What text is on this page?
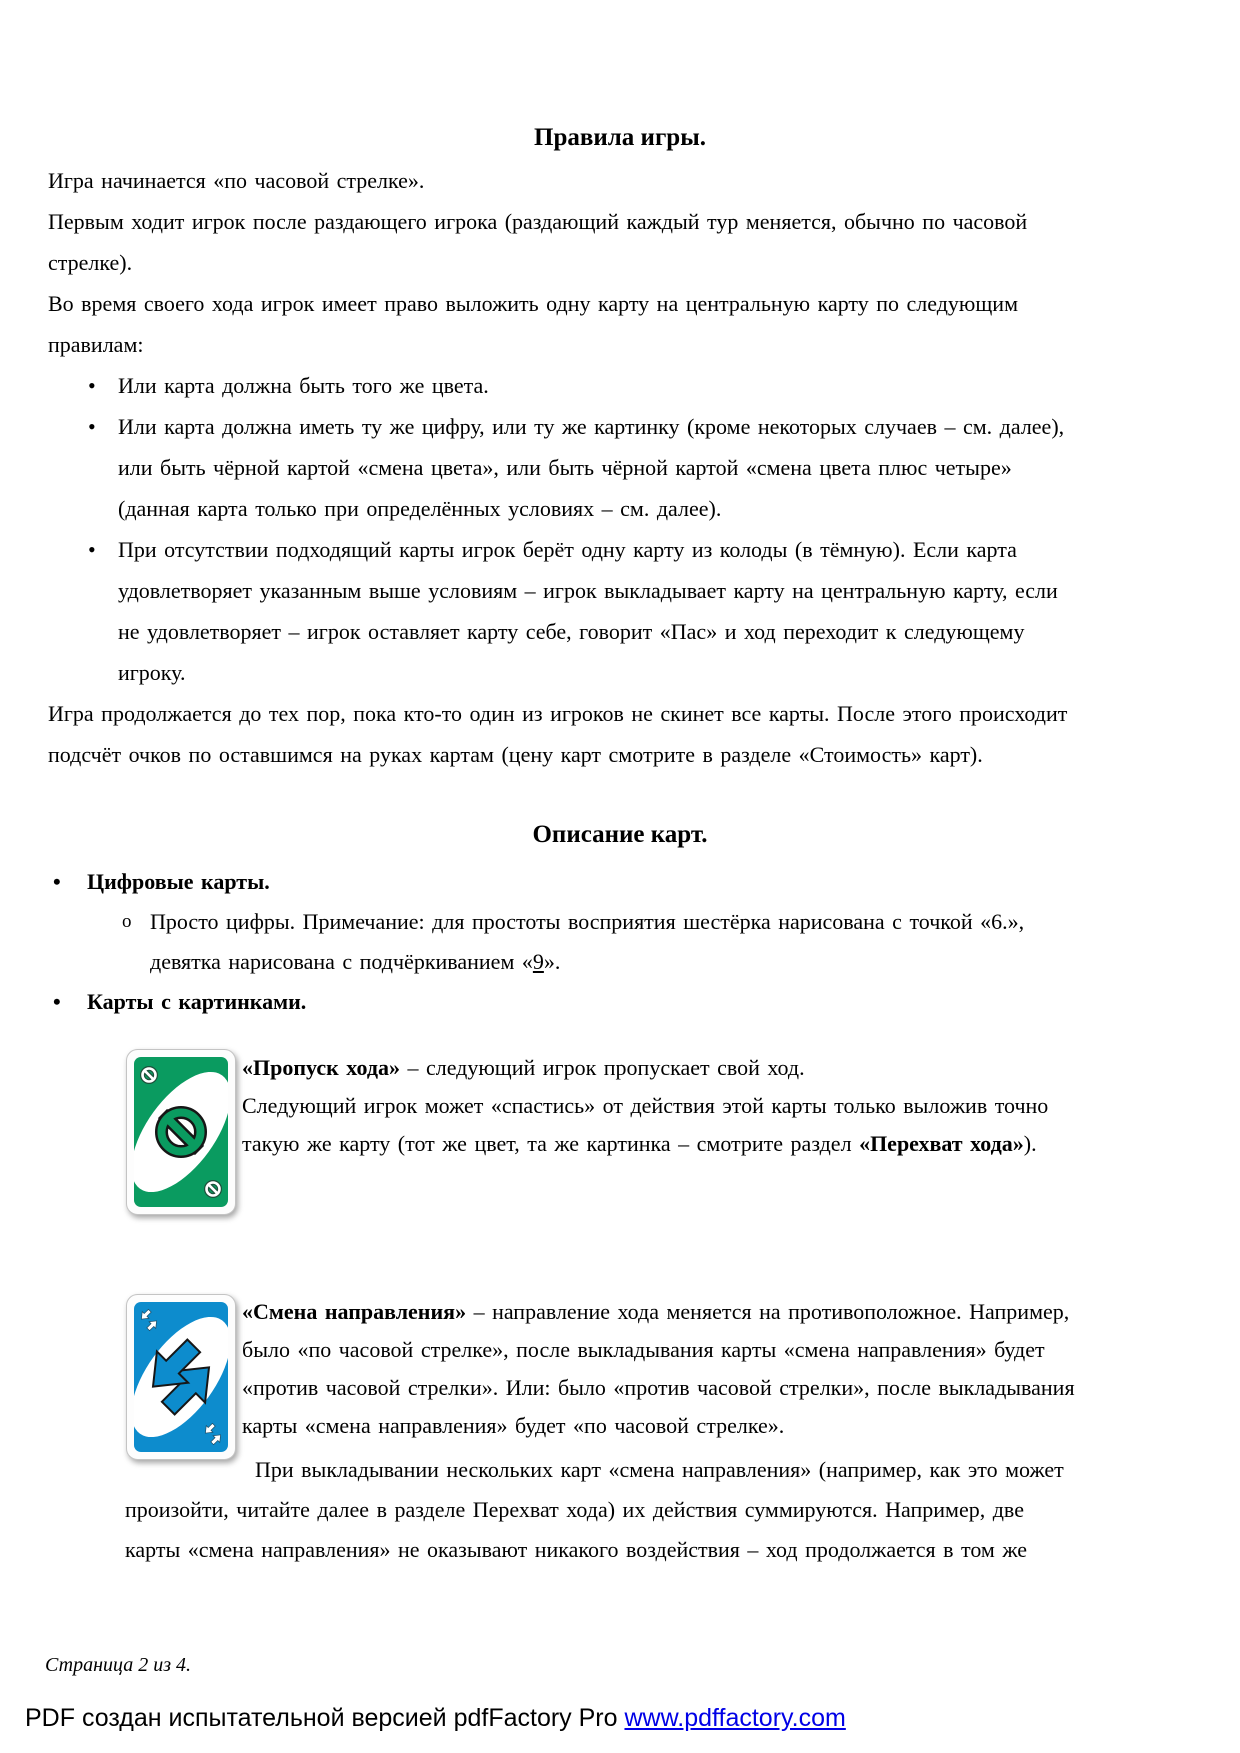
Правила игры.
Игра начинается «по часовой стрелке».
Первым ходит игрок после раздающего игрока (раздающий каждый тур меняется, обычно по часовой
стрелке).
Во время своего хода игрок имеет право выложить одну карту на центральную карту по следующим
правилам:
• Или карта должна быть того же цвета.
• Или карта должна иметь ту же цифру, или ту же картинку (кроме некоторых случаев – см. далее),
или быть чёрной картой «смена цвета», или быть чёрной картой «смена цвета плюс четыре»
(данная карта только при определённых условиях – см. далее).
• При отсутствии подходящий карты игрок берёт одну карту из колоды (в тёмную). Если карта
удовлетворяет указанным выше условиям – игрок выкладывает карту на центральную карту, если
не удовлетворяет – игрок оставляет карту себе, говорит «Пас» и ход переходит к следующему
игроку.
Игра продолжается до тех пор, пока кто-то один из игроков не скинет все карты. После этого происходит
подсчёт очков по оставшимся на руках картам (цену карт смотрите в разделе «Стоимость» карт).
Описание карт.
• Цифровые карты.
o Просто цифры. Примечание: для простоты восприятия шестёрка нарисована с точкой «6.»,
девятка нарисована с подчёркиванием «9».
• Карты с картинками.
«Пропуск хода» – следующий игрок пропускает свой ход.
Следующий игрок может «спастись» от действия этой карты только выложив точно
такую же карту (тот же цвет, та же картинка – смотрите раздел «Перехват хода»).
«Смена направления» – направление хода меняется на противоположное. Например,
было «по часовой стрелке», после выкладывания карты «смена направления» будет
«против часовой стрелки». Или: было «против часовой стрелки», после выкладывания
карты «смена направления» будет «по часовой стрелке».
При выкладывании нескольких карт «смена направления» (например, как это может
произойти, читайте далее в разделе Перехват хода) их действия суммируются. Например, две
карты «смена направления» не оказывают никакого воздействия – ход продолжается в том же
Страница 2 из 4.
PDF создан испытательной версией pdfFactory Pro www.pdffactory.com
